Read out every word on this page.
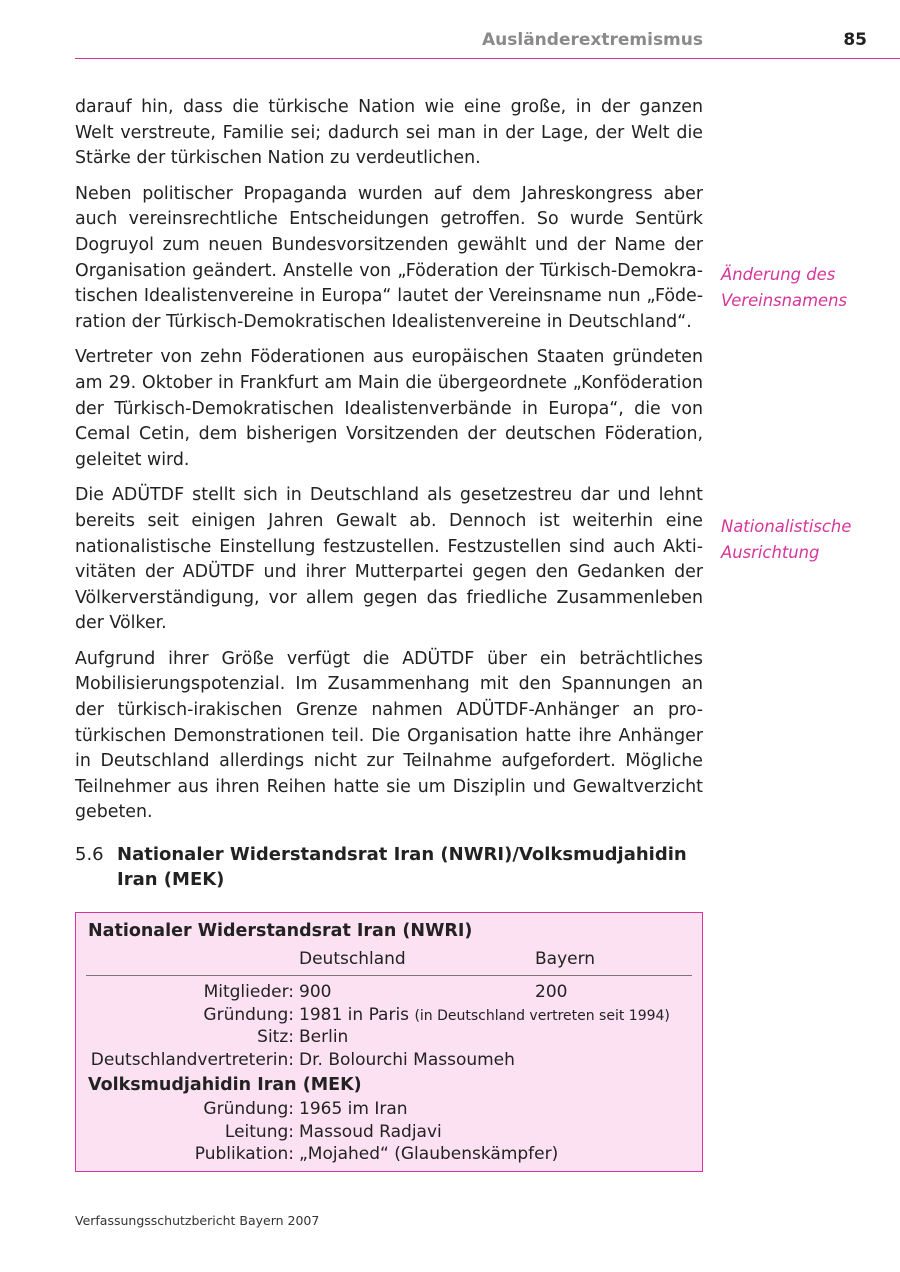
Ausländerextremismus	85

darauf hin, dass die türkische Nation wie eine große, in der ganzen Welt verstreute, Familie sei; dadurch sei man in der Lage, der Welt die Stärke der türkischen Nation zu verdeutlichen.

Neben politischer Propaganda wurden auf dem Jahreskongress aber auch vereinsrechtliche Entscheidungen getroffen. So wurde Sentürk Dogruyol zum neuen Bundesvorsitzenden gewählt und der Name der Organisation geändert. Anstelle von „Föderation der Türkisch-Demokratischen Idealistenvereine in Europa“ lautet der Vereinsname nun „Föderation der Türkisch-Demokratischen Idealistenvereine in Deutschland“.

Vertreter von zehn Föderationen aus europäischen Staaten gründeten am 29. Oktober in Frankfurt am Main die übergeordnete „Konföderation der Türkisch-Demokratischen Idealistenverbände in Europa“, die von Cemal Cetin, dem bisherigen Vorsitzenden der deutschen Föderation, geleitet wird.

Die ADÜTDF stellt sich in Deutschland als gesetzestreu dar und lehnt bereits seit einigen Jahren Gewalt ab. Dennoch ist weiterhin eine nationalistische Einstellung festzustellen. Festzustellen sind auch Aktivitäten der ADÜTDF und ihrer Mutterpartei gegen den Gedanken der Völkerverständigung, vor allem gegen das friedliche Zusammenleben der Völker.

Aufgrund ihrer Größe verfügt die ADÜTDF über ein beträchtliches Mobilisierungspotenzial. Im Zusammenhang mit den Spannungen an der türkisch-irakischen Grenze nahmen ADÜTDF-Anhänger an pro-türkischen Demonstrationen teil. Die Organisation hatte ihre Anhänger in Deutschland allerdings nicht zur Teilnahme aufgefordert. Mögliche Teilnehmer aus ihren Reihen hatte sie um Disziplin und Gewaltverzicht gebeten.

Änderung des
Vereinsnamens
Nationalistische
Ausrichtung
5.6 Nationaler Widerstandsrat Iran (NWRI)/Volksmudjahidin Iran (MEK)
Nationaler Widerstandsrat Iran (NWRI)
Deutschland	Bayern
Mitglieder: 900	200
Gründung: 1981 in Paris (in Deutschland vertreten seit 1994)
Sitz: Berlin
Deutschlandvertreterin: Dr. Bolourchi Massoumeh
Volksmudjahidin Iran (MEK)
Gründung: 1965 im Iran
Leitung: Massoud Radjavi
Publikation: „Mojahed“ (Glaubenskämpfer)
Verfassungsschutzbericht Bayern 2007
